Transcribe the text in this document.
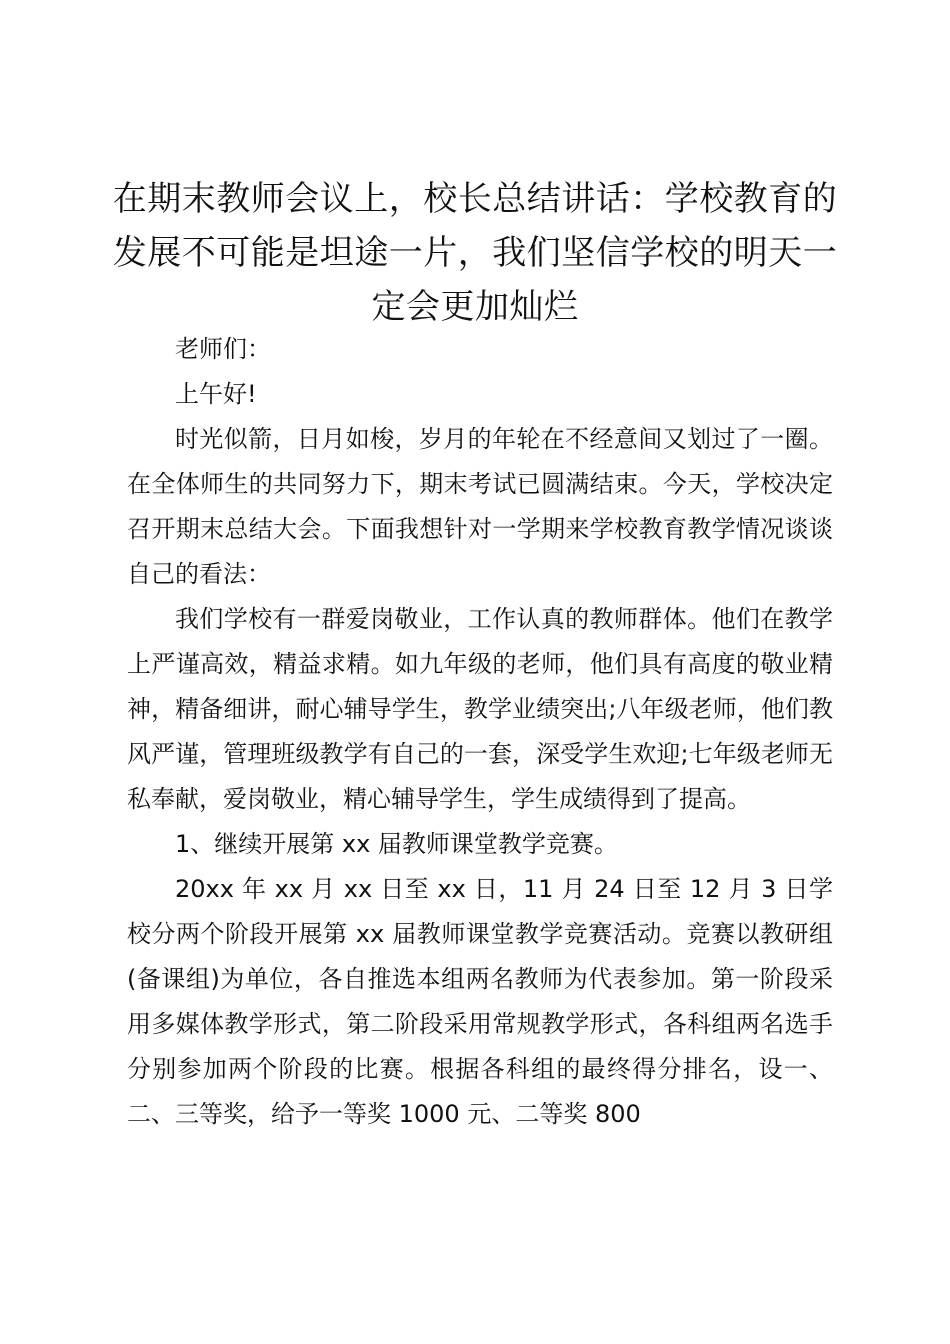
在期末教师会议上，校长总结讲话：学校教育的发展不可能是坦途一片，我们坚信学校的明天一定会更加灿烂

老师们：

上午好!

时光似箭，日月如梭，岁月的年轮在不经意间又划过了一圈。在全体师生的共同努力下，期末考试已圆满结束。今天，学校决定召开期末总结大会。下面我想针对一学期来学校教育教学情况谈谈自己的看法：

我们学校有一群爱岗敬业，工作认真的教师群体。他们在教学上严谨高效，精益求精。如九年级的老师，他们具有高度的敬业精神，精备细讲，耐心辅导学生，教学业绩突出;八年级老师，他们教风严谨，管理班级教学有自己的一套，深受学生欢迎;七年级老师无私奉献，爱岗敬业，精心辅导学生，学生成绩得到了提高。

1、继续开展第 xx 届教师课堂教学竞赛。

20xx 年 xx 月 xx 日至 xx 日，11 月 24 日至 12 月 3 日学校分两个阶段开展第 xx 届教师课堂教学竞赛活动。竞赛以教研组(备课组)为单位，各自推选本组两名教师为代表参加。第一阶段采用多媒体教学形式，第二阶段采用常规教学形式，各科组两名选手分别参加两个阶段的比赛。根据各科组的最终得分排名，设一、二、三等奖，给予一等奖 1000 元、二等奖 800
